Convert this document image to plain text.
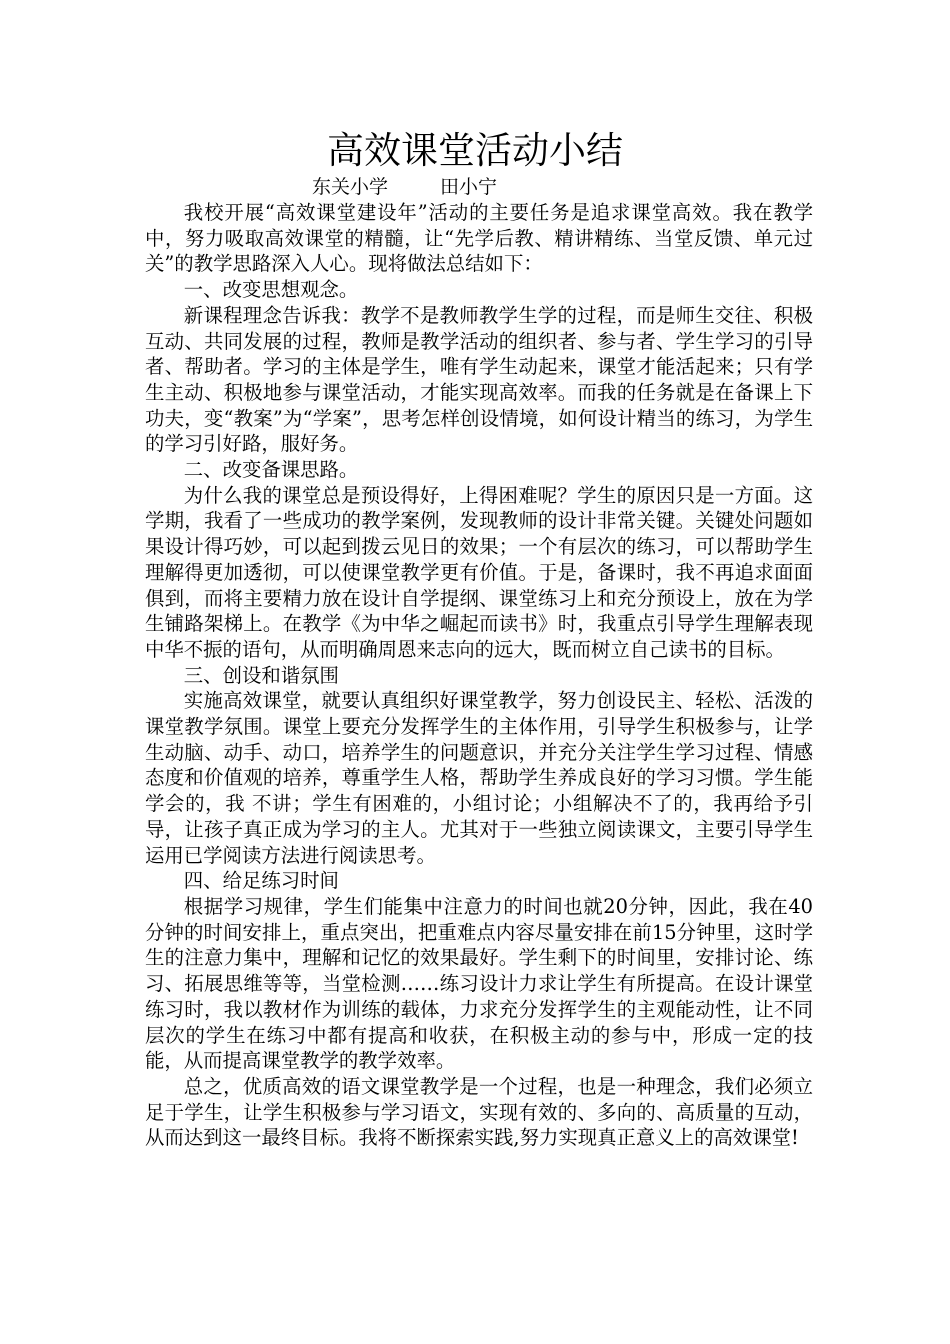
高效课堂活动小结
东关小学	田小宁

我校开展“高效课堂建设年”活动的主要任务是追求课堂高效。我在教学中，努力吸取高效课堂的精髓，让“先学后教、精讲精练、当堂反馈、单元过关”的教学思路深入人心。现将做法总结如下：

一、改变思想观念。

新课程理念告诉我：教学不是教师教学生学的过程，而是师生交往、积极互动、共同发展的过程，教师是教学活动的组织者、参与者、学生学习的引导者、帮助者。学习的主体是学生，唯有学生动起来，课堂才能活起来；只有学生主动、积极地参与课堂活动，才能实现高效率。而我的任务就是在备课上下功夫，变“教案”为“学案”，思考怎样创设情境，如何设计精当的练习，为学生的学习引好路，服好务。

二、改变备课思路。

为什么我的课堂总是预设得好，上得困难呢？学生的原因只是一方面。这学期，我看了一些成功的教学案例，发现教师的设计非常关键。关键处问题如果设计得巧妙，可以起到拨云见日的效果；一个有层次的练习，可以帮助学生理解得更加透彻，可以使课堂教学更有价值。于是，备课时，我不再追求面面俱到，而将主要精力放在设计自学提纲、课堂练习上和充分预设上，放在为学生铺路架梯上。在教学《为中华之崛起而读书》时，我重点引导学生理解表现中华不振的语句，从而明确周恩来志向的远大，既而树立自己读书的目标。

三、创设和谐氛围

实施高效课堂，就要认真组织好课堂教学，努力创设民主、轻松、活泼的课堂教学氛围。课堂上要充分发挥学生的主体作用，引导学生积极参与，让学生动脑、动手、动口，培养学生的问题意识，并充分关注学生学习过程、情感态度和价值观的培养，尊重学生人格，帮助学生养成良好的学习习惯。学生能学会的，我 不讲；学生有困难的，小组讨论；小组解决不了的，我再给予引导，让孩子真正成为学习的主人。尤其对于一些独立阅读课文，主要引导学生运用已学阅读方法进行阅读思考。

四、给足练习时间

根据学习规律，学生们能集中注意力的时间也就20分钟，因此，我在40分钟的时间安排上，重点突出，把重难点内容尽量安排在前15分钟里，这时学生的注意力集中，理解和记忆的效果最好。学生剩下的时间里，安排讨论、练习、拓展思维等等，当堂检测……练习设计力求让学生有所提高。在设计课堂练习时，我以教材作为训练的载体，力求充分发挥学生的主观能动性，让不同层次的学生在练习中都有提高和收获，在积极主动的参与中，形成一定的技能，从而提高课堂教学的教学效率。

总之，优质高效的语文课堂教学是一个过程，也是一种理念，我们必须立足于学生，让学生积极参与学习语文，实现有效的、多向的、高质量的互动，从而达到这一最终目标。我将不断探索实践,努力实现真正意义上的高效课堂!
